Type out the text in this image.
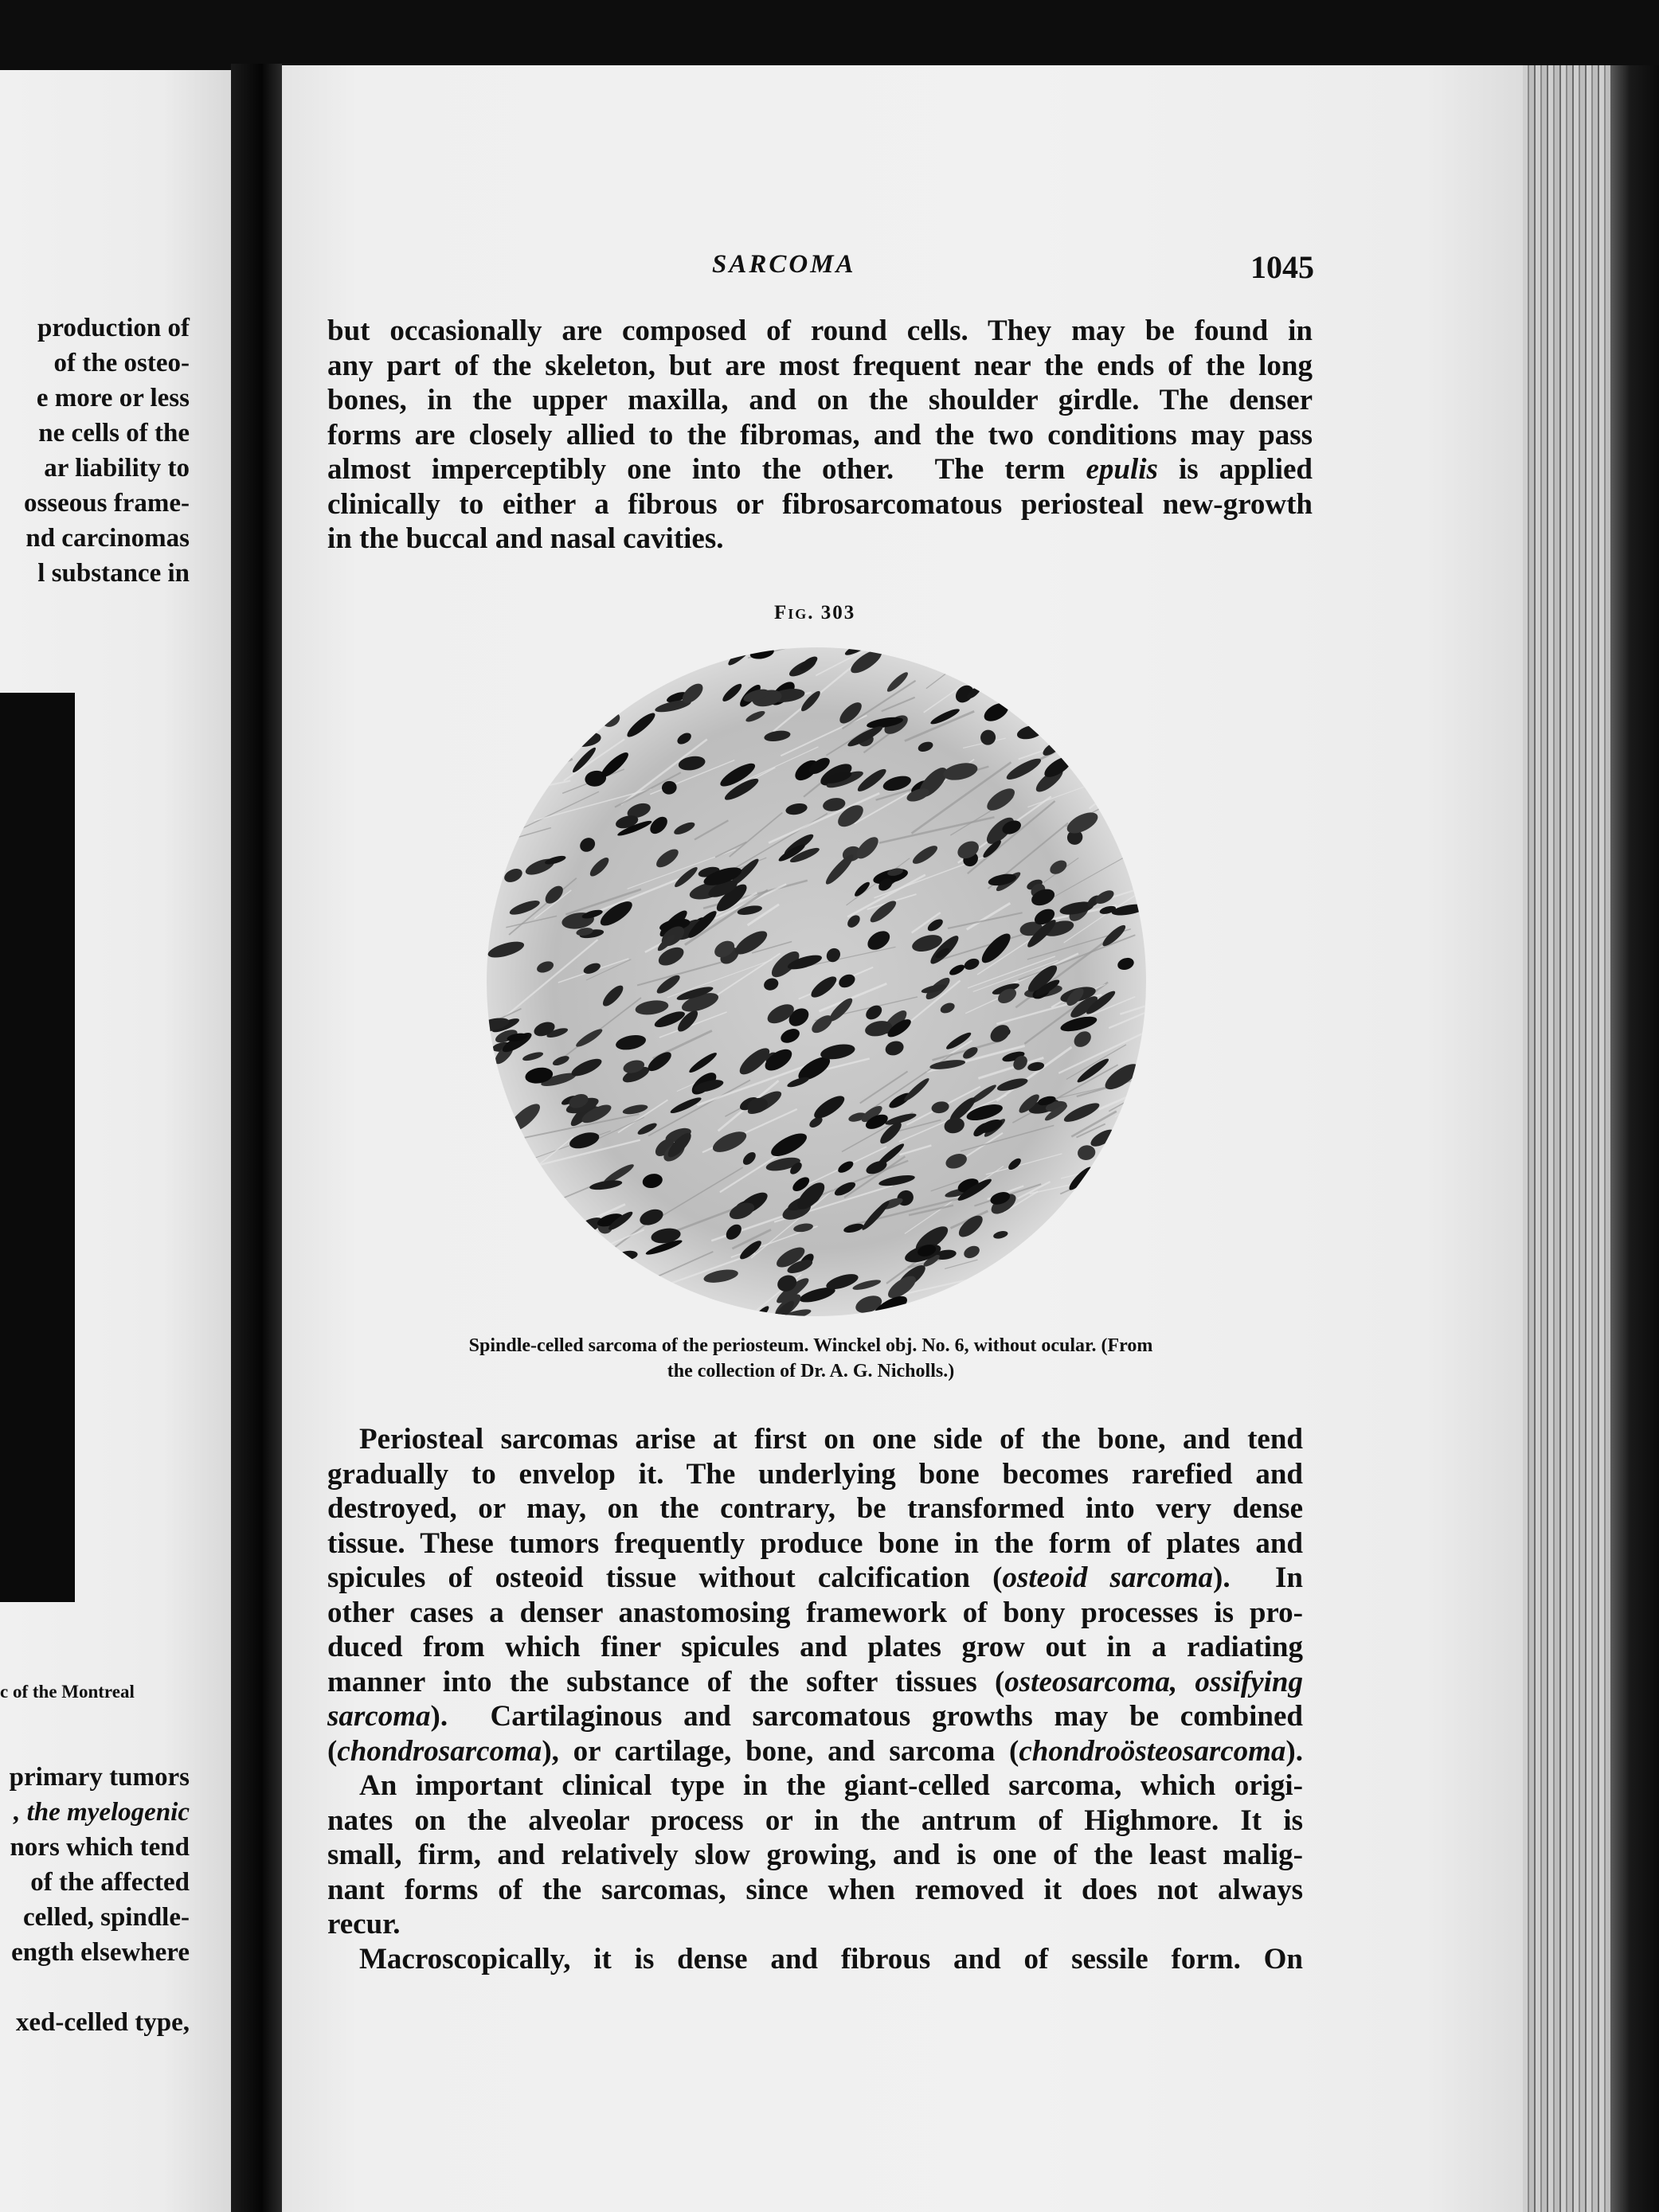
production of
of the osteo-
e more or less
ne cells of the
ar liability to
osseous frame-
nd carcinomas
l substance in
c of the Montreal
primary tumors
, the myelogenic
nors which tend
of the affected
celled, spindle-
ength elsewhere
xed-celled type,
SARCOMA	1045
but occasionally are composed of round cells. They may be found in
any part of the skeleton, but are most frequent near the ends of the long
bones, in the upper maxilla, and on the shoulder girdle. The denser
forms are closely allied to the fibromas, and the two conditions may pass
almost imperceptibly one into the other.  The term epulis is applied
clinically to either a fibrous or fibrosarcomatous periosteal new-growth
in the buccal and nasal cavities.
Fig. 303
Spindle-celled sarcoma of the periosteum. Winckel obj. No. 6, without ocular. (From
the collection of Dr. A. G. Nicholls.)
Periosteal sarcomas arise at first on one side of the bone, and tend
gradually to envelop it. The underlying bone becomes rarefied and
destroyed, or may, on the contrary, be transformed into very dense
tissue. These tumors frequently produce bone in the form of plates and
spicules of osteoid tissue without calcification (osteoid sarcoma).  In
other cases a denser anastomosing framework of bony processes is pro-
duced from which finer spicules and plates grow out in a radiating
manner into the substance of the softer tissues (osteosarcoma, ossifying
sarcoma).  Cartilaginous and sarcomatous growths may be combined
(chondrosarcoma), or cartilage, bone, and sarcoma (chondroösteosarcoma).
An important clinical type in the giant-celled sarcoma, which origi-
nates on the alveolar process or in the antrum of Highmore. It is
small, firm, and relatively slow growing, and is one of the least malig-
nant forms of the sarcomas, since when removed it does not always
recur.
Macroscopically, it is dense and fibrous and of sessile form. On
